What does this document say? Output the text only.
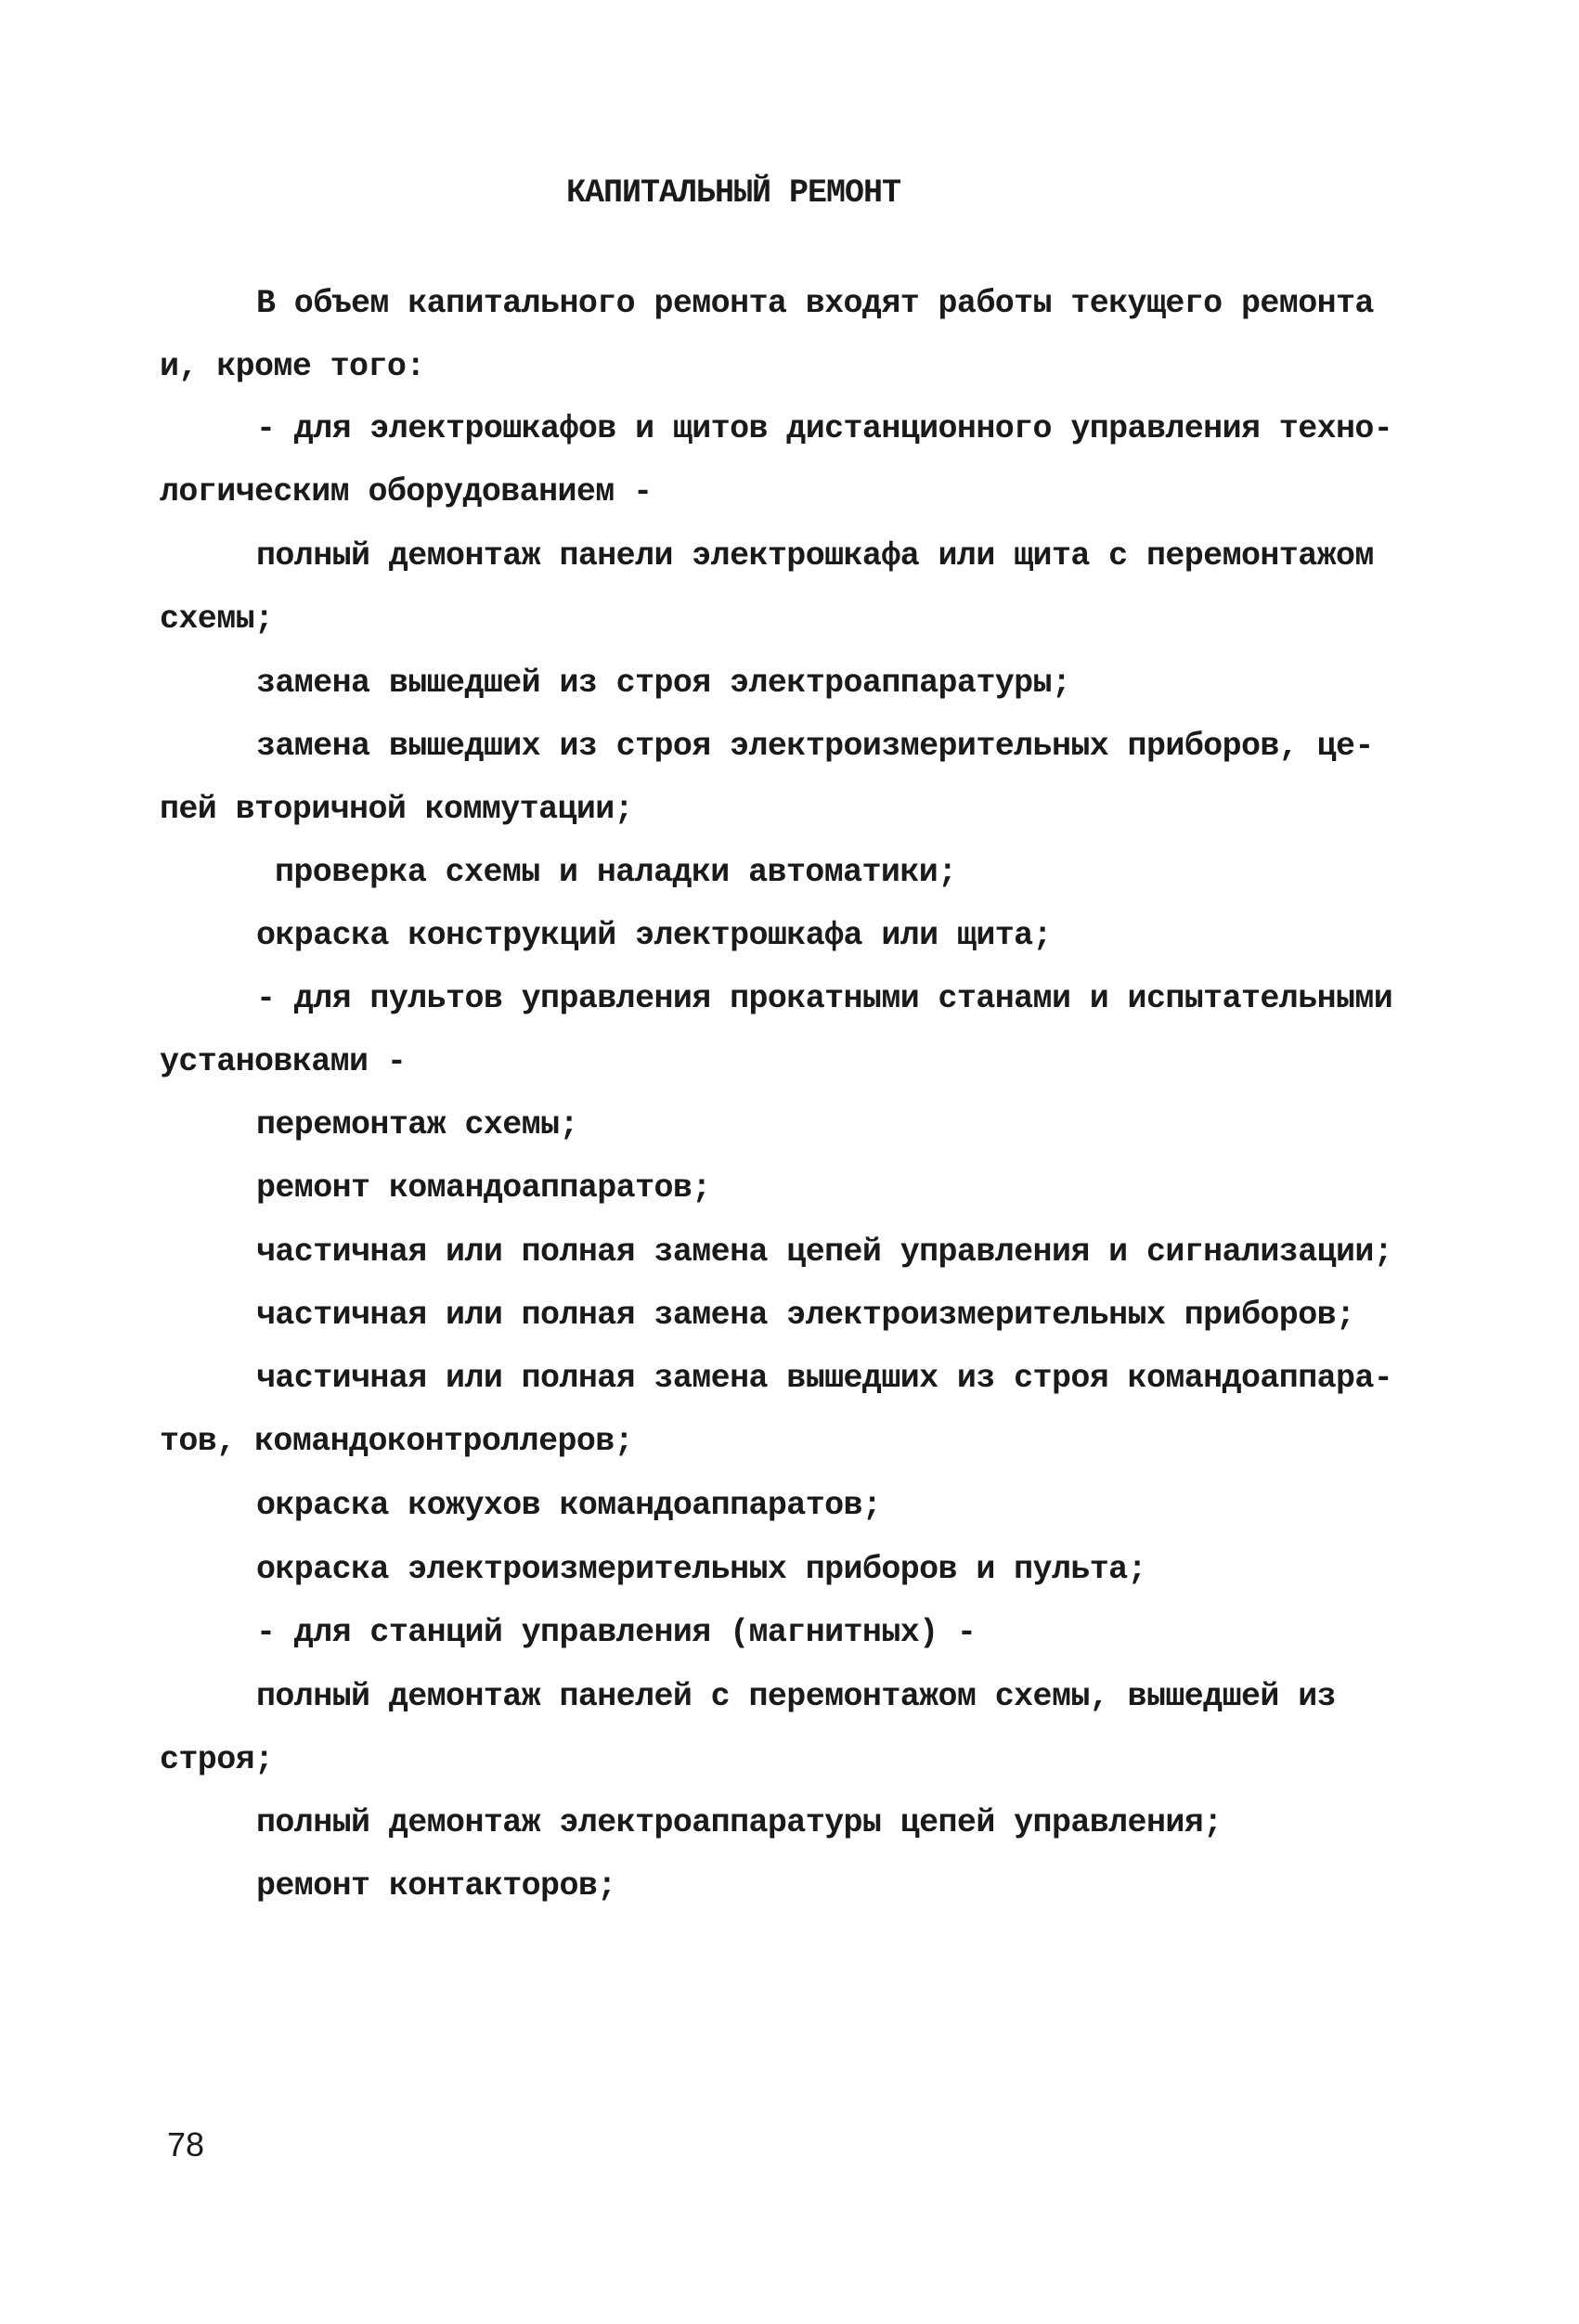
КАПИТАЛЬНЫЙ РЕМОНТ
В объем капитального ремонта входят работы текущего ремонта
и, кроме того:
- для электрошкафов и щитов дистанционного управления техно-
логическим оборудованием -
полный демонтаж панели электрошкафа или щита с перемонтажом
схемы;
замена вышедшей из строя электроаппаратуры;
замена вышедших из строя электроизмерительных приборов, це-
пей вторичной коммутации;
проверка схемы и наладки автоматики;
окраска конструкций электрошкафа или щита;
- для пультов управления прокатными станами и испытательными
установками -
перемонтаж схемы;
ремонт командоаппаратов;
частичная или полная замена цепей управления и сигнализации;
частичная или полная замена электроизмерительных приборов;
частичная или полная замена вышедших из строя командоаппара-
тов, командоконтроллеров;
окраска кожухов командоаппаратов;
окраска электроизмерительных приборов и пульта;
- для станций управления (магнитных) -
полный демонтаж панелей с перемонтажом схемы, вышедшей из
строя;
полный демонтаж электроаппаратуры цепей управления;
ремонт контакторов;
78
